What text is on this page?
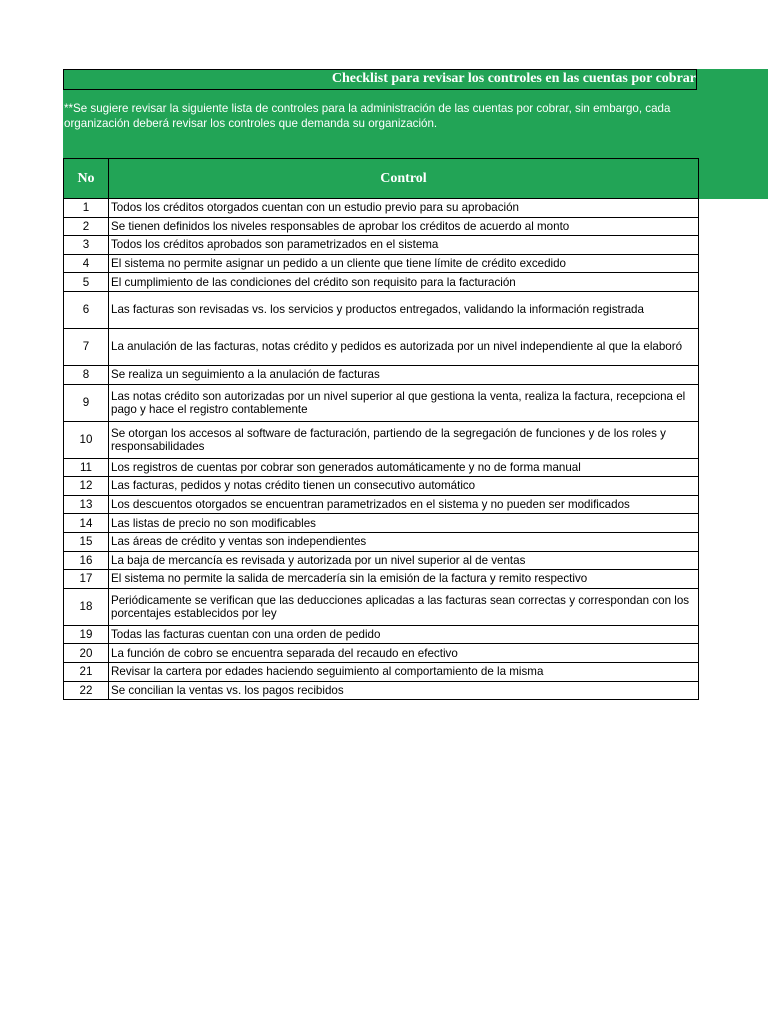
Checklist para revisar los controles en las cuentas por cobrar
**Se sugiere revisar la siguiente lista de controles para la administración de las cuentas por cobrar, sin embargo, cada
organización deberá revisar los controles que demanda su organización.
No	Control
1	Todos los créditos otorgados cuentan con un estudio previo para su aprobación
2	Se tienen definidos los niveles responsables de aprobar los créditos de acuerdo al monto
3	Todos los créditos aprobados son parametrizados en el sistema
4	El sistema no permite asignar un pedido a un cliente que tiene límite de crédito excedido
5	El cumplimiento de las condiciones del crédito son requisito para la facturación
6	Las facturas son revisadas vs. los servicios y productos entregados, validando la información registrada
7	La anulación de las facturas, notas crédito y pedidos es autorizada por un nivel independiente al que la elaboró
8	Se realiza un seguimiento a la anulación de facturas
9	Las notas crédito son autorizadas por un nivel superior al que gestiona la venta, realiza la factura, recepciona el pago y hace el registro contablemente
10	Se otorgan los accesos al software de facturación, partiendo de la segregación de funciones y de los roles y responsabilidades
11	Los registros de cuentas por cobrar son generados automáticamente y no de forma manual
12	Las facturas, pedidos y notas crédito tienen un consecutivo automático
13	Los descuentos otorgados se encuentran parametrizados en el sistema y no pueden ser modificados
14	Las listas de precio no son modificables
15	Las áreas de crédito y ventas son independientes
16	La baja de mercancía es revisada y autorizada por un nivel superior al de ventas
17	El sistema no permite la salida de mercadería sin la emisión de la factura y remito respectivo
18	Periódicamente se verifican que las deducciones aplicadas a las facturas sean correctas y correspondan con los porcentajes establecidos por ley
19	Todas las facturas cuentan con una orden de pedido
20	La función de cobro se encuentra separada del recaudo en efectivo
21	Revisar la cartera por edades haciendo seguimiento al comportamiento de la misma
22	Se concilian la ventas vs. los pagos recibidos
